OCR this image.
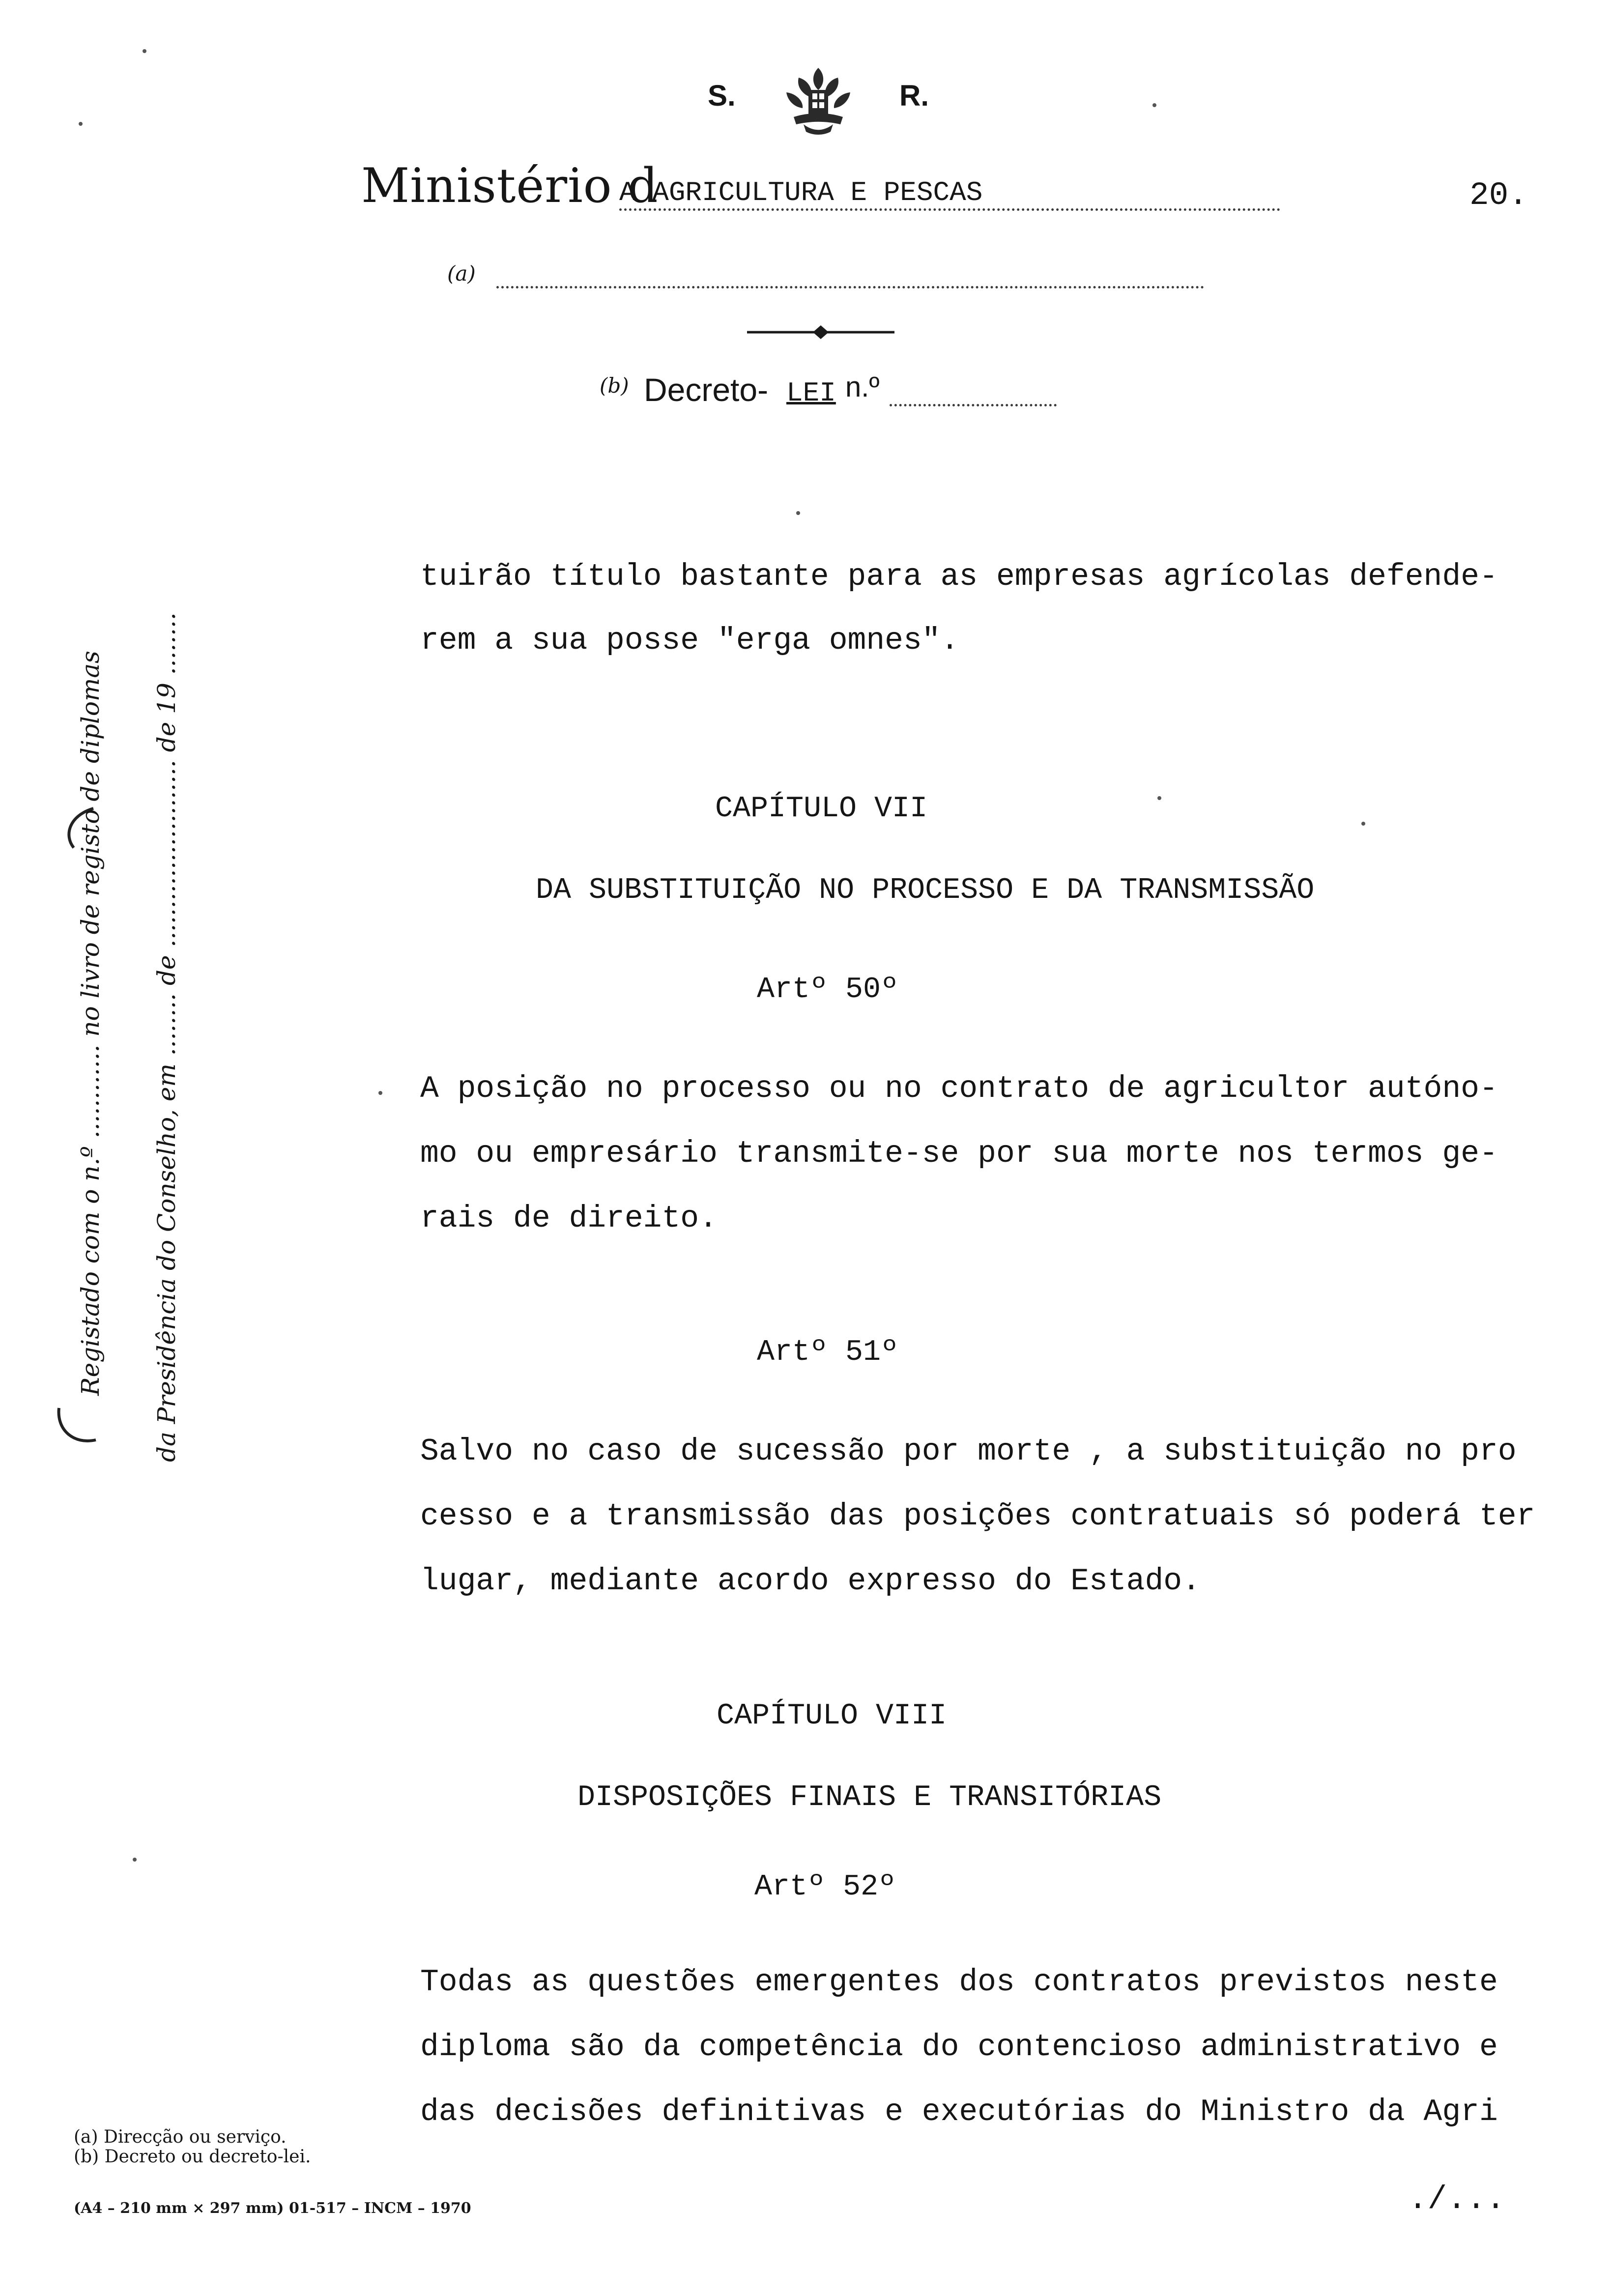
S.	R.
Ministério d
A AGRICULTURA E PESCAS	20.
(a)
(b) Decreto- LEI n.º
Registado com o n.º ............ no livro de registo de diplomas da Presidência do Conselho, em ........ de ........................ de 19 ........
tuirão título bastante para as empresas agrícolas defende-
rem a sua posse "erga omnes".
CAPÍTULO VII
DA SUBSTITUIÇÃO NO PROCESSO E DA TRANSMISSÃO
Artº 50º
A posição no processo ou no contrato de agricultor autóno-
mo ou empresário transmite-se por sua morte nos termos ge-
rais de direito.
Artº 51º
Salvo no caso de sucessão por morte , a substituição no pro
cesso e a transmissão das posições contratuais só poderá ter
lugar, mediante acordo expresso do Estado.
CAPÍTULO VIII
DISPOSIÇÕES FINAIS E TRANSITÓRIAS
Artº 52º
Todas as questões emergentes dos contratos previstos neste
diploma são da competência do contencioso administrativo e
das decisões definitivas e executórias do Ministro da Agri
(a) Direcção ou serviço.
(b) Decreto ou decreto-lei.
(A4 – 210 mm × 297 mm) 01-517 – INCM – 1970	./...
